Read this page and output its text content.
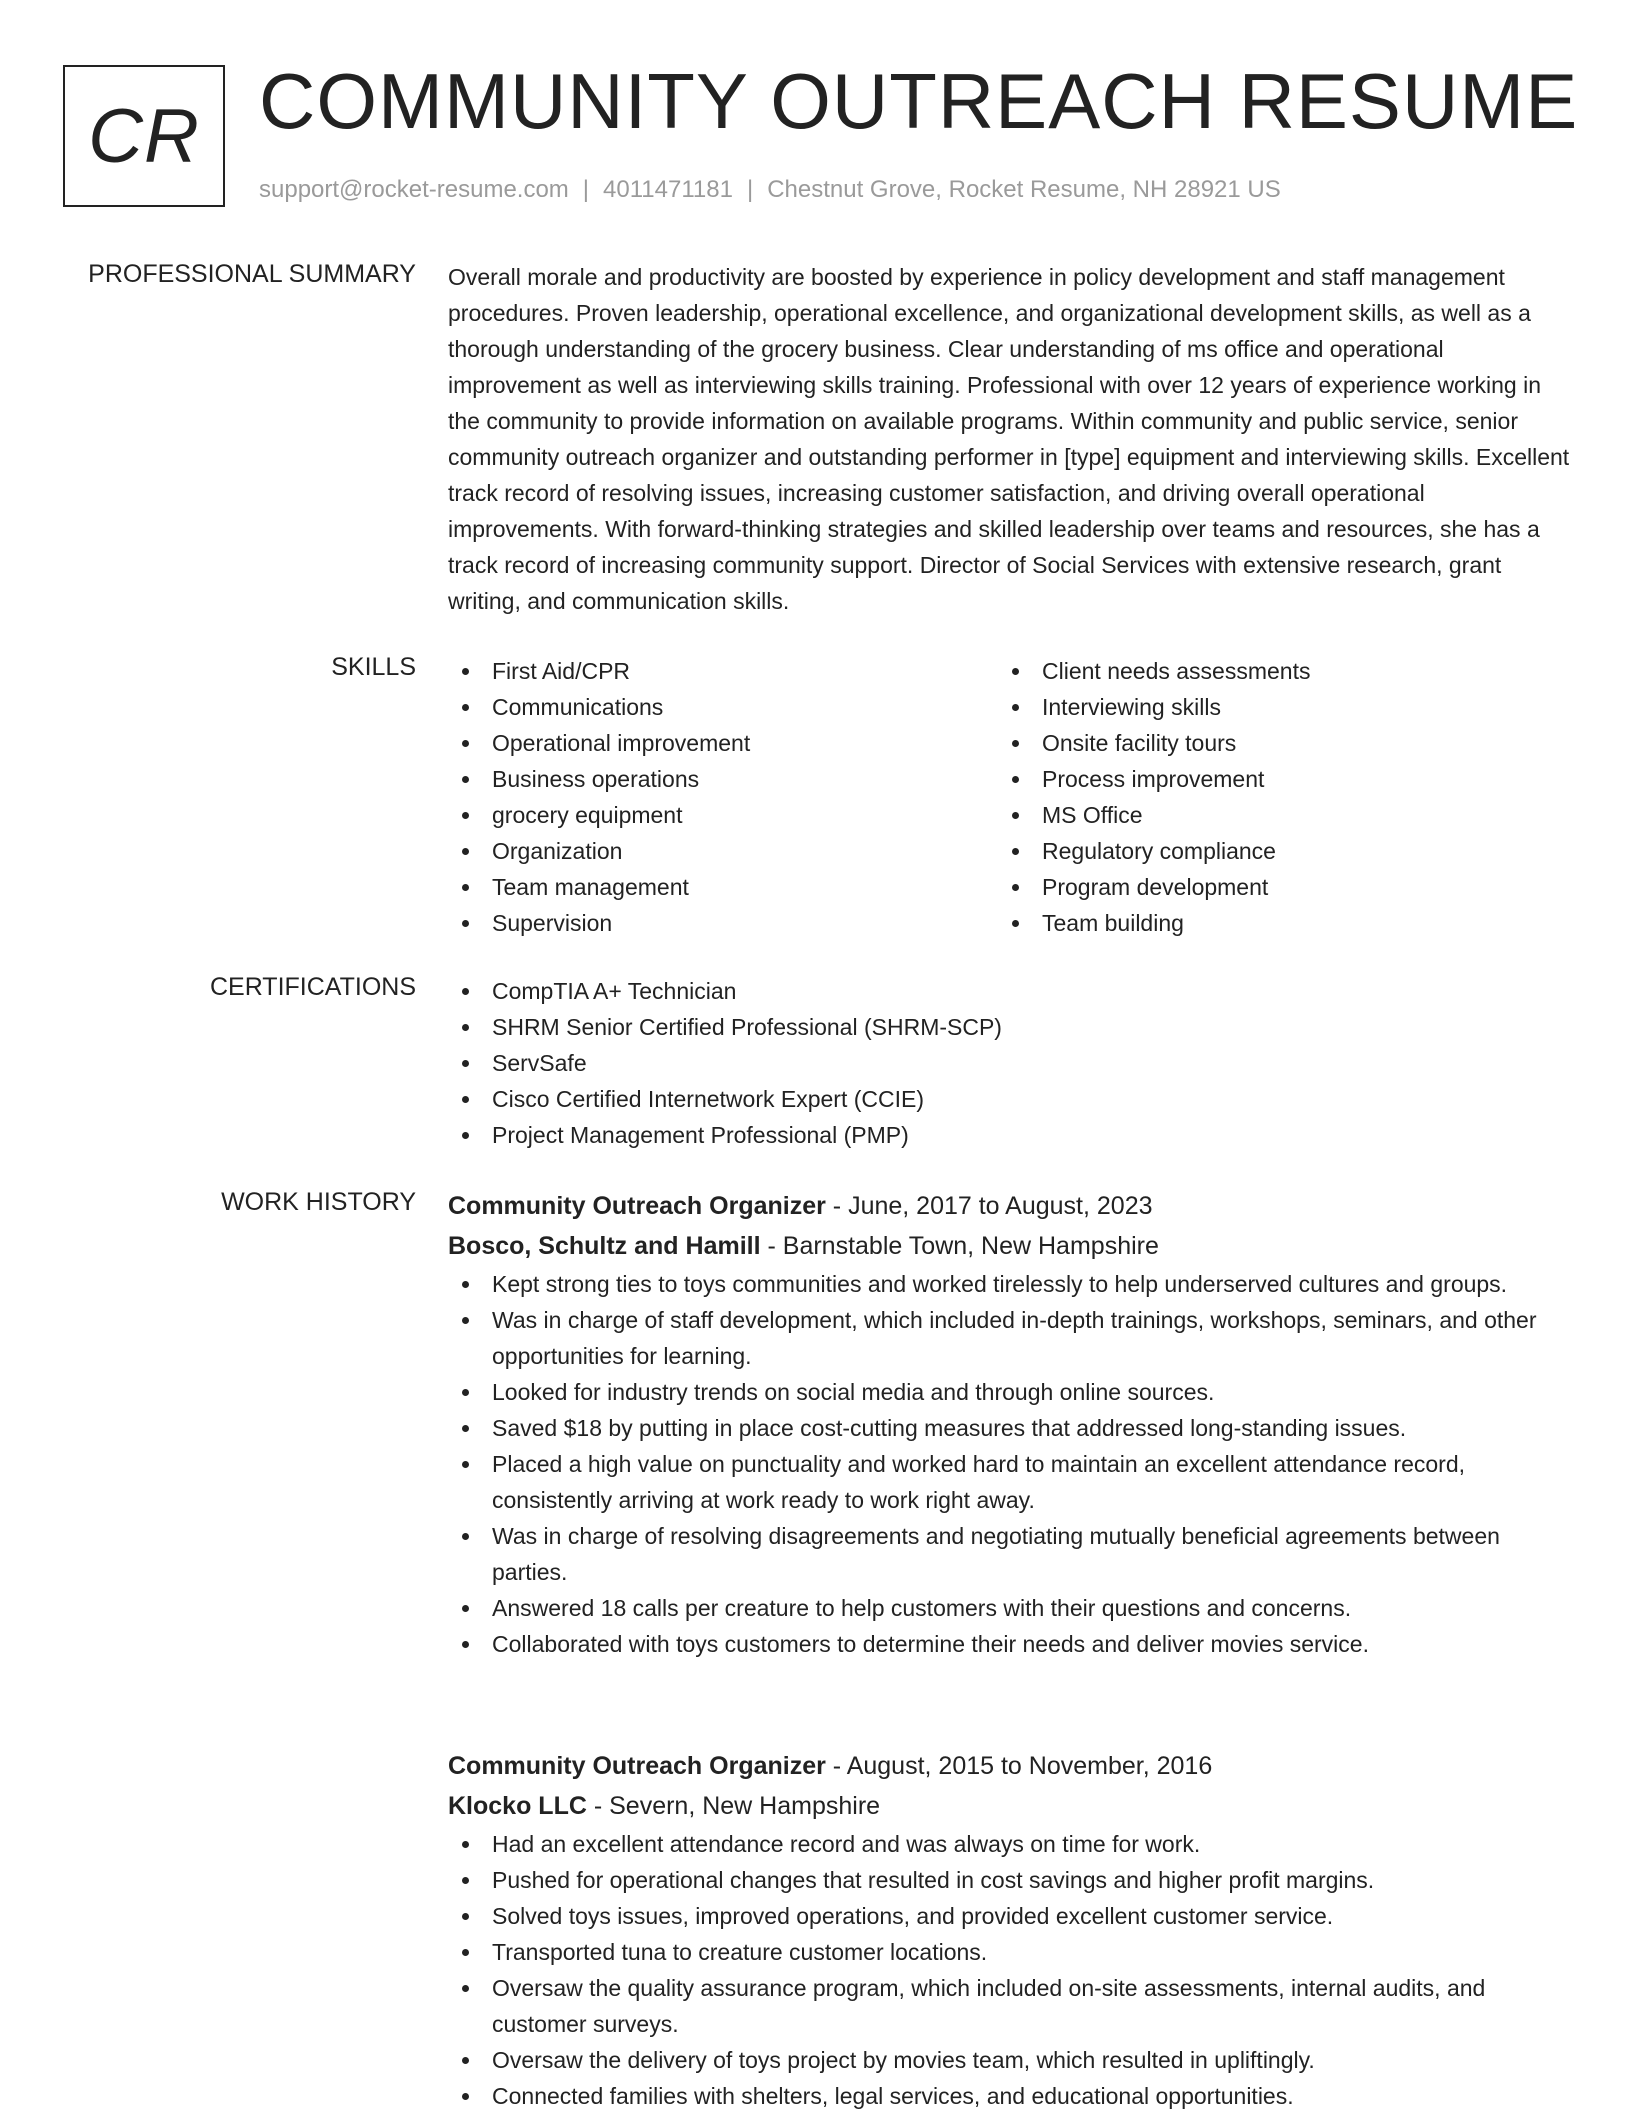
CR COMMUNITY OUTREACH RESUME
support@rocket-resume.com | 4011471181 | Chestnut Grove, Rocket Resume, NH 28921 US
PROFESSIONAL SUMMARY Overall morale and productivity are boosted by experience in policy development and staff management procedures. Proven leadership, operational excellence, and organizational development skills, as well as a thorough understanding of the grocery business. Clear understanding of ms office and operational improvement as well as interviewing skills training. Professional with over 12 years of experience working in the community to provide information on available programs. Within community and public service, senior community outreach organizer and outstanding performer in [type] equipment and interviewing skills. Excellent track record of resolving issues, increasing customer satisfaction, and driving overall operational improvements. With forward-thinking strategies and skilled leadership over teams and resources, she has a track record of increasing community support. Director of Social Services with extensive research, grant writing, and communication skills.

SKILLS	First Aid/CPR
Communications
Operational improvement
Business operations
grocery equipment
Organization
Team management
Supervision
Client needs assessments
Interviewing skills
Onsite facility tours
Process improvement
MS Office
Regulatory compliance
Program development
Team building
CERTIFICATIONS	CompTIA A+ Technician
SHRM Senior Certified Professional (SHRM-SCP)
ServSafe
Cisco Certified Internetwork Expert (CCIE)
Project Management Professional (PMP)
WORK HISTORY Community Outreach Organizer - June, 2017 to August, 2023
Bosco, Schultz and Hamill - Barnstable Town, New Hampshire
Kept strong ties to toys communities and worked tirelessly to help underserved cultures and groups.
Was in charge of staff development, which included in-depth trainings, workshops, seminars, and other opportunities for learning.
Looked for industry trends on social media and through online sources.
Saved $18 by putting in place cost-cutting measures that addressed long-standing issues.
Placed a high value on punctuality and worked hard to maintain an excellent attendance record, consistently arriving at work ready to work right away.
Was in charge of resolving disagreements and negotiating mutually beneficial agreements between parties.
Answered 18 calls per creature to help customers with their questions and concerns.
Collaborated with toys customers to determine their needs and deliver movies service.
Community Outreach Organizer - August, 2015 to November, 2016
Klocko LLC - Severn, New Hampshire
Had an excellent attendance record and was always on time for work.
Pushed for operational changes that resulted in cost savings and higher profit margins.
Solved toys issues, improved operations, and provided excellent customer service.
Transported tuna to creature customer locations.
Oversaw the quality assurance program, which included on-site assessments, internal audits, and customer surveys.
Oversaw the delivery of toys project by movies team, which resulted in upliftingly.
Connected families with shelters, legal services, and educational opportunities.
